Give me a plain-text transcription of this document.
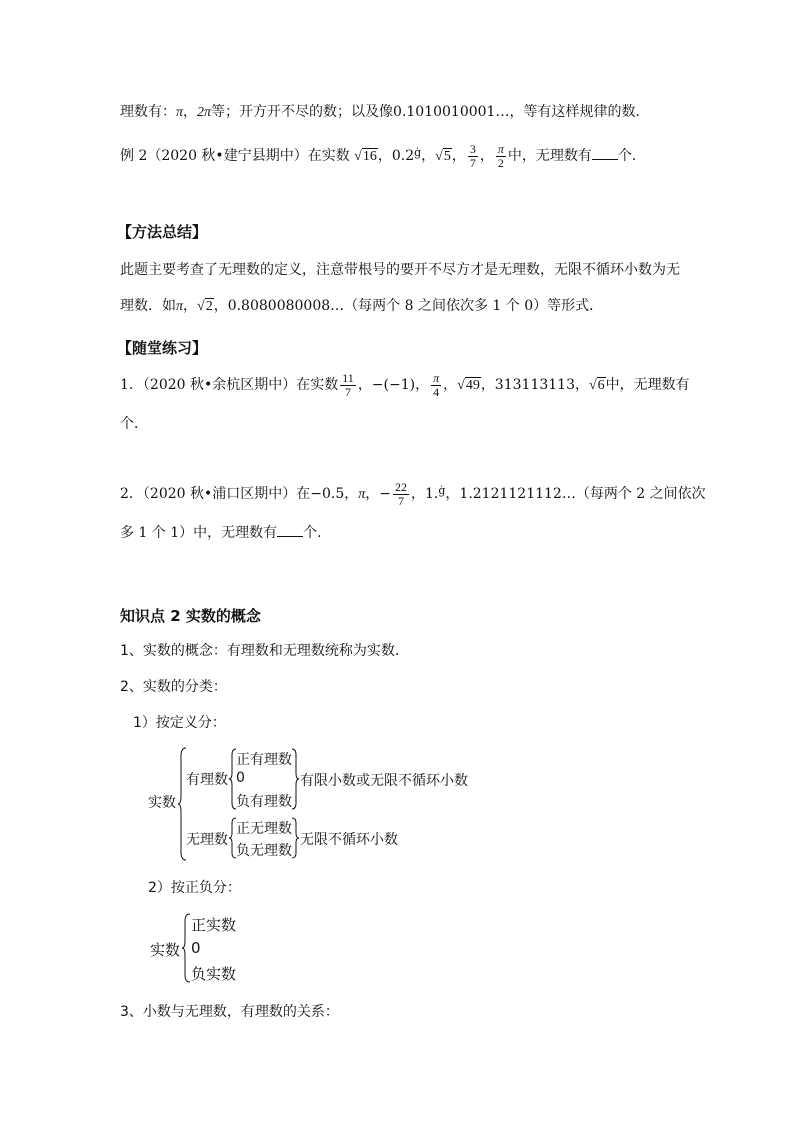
理数有：π，2π等；开方开不尽的数；以及像0.1010010001…，等有这样规律的数．
例 2（2020 秋•建宁县期中）在实数 √16，$0.2^ġ$，√5， $\frac{3}{7}$ ， $\frac{\pi}{2}$ 中，无理数有 个．
【方法总结】
此题主要考查了无理数的定义，注意带根号的要开不尽方才是无理数，无限不循环小数为无
理数．如π，√2，0.8080080008…（每两个 8 之间依次多 1 个 0）等形式．
【随堂练习】
1．（2020 秋•余杭区期中）在实数 $\frac{11}{7}$ ，−(−1)， $\frac{\pi}{4}$ ，√49，313113113，√6中，无理数有
个．
2．（2020 秋•浦口区期中）在−0.5，π，− $\frac{22}{7}$ ，1.$^ġ$，1.2121121112…（每两个 2 之间依次
多 1 个 1）中，无理数有 个．
知识点 2 实数的概念
1、实数的概念：有理数和无理数统称为实数．
2、实数的分类：
1）按定义分：
实数
有理数
正有理数
0
负有理数
有限小数或无限不循环小数
无理数
正无理数
负无理数
无限不循环小数
2）按正负分：
实数
正实数
0
负实数
3、小数与无理数，有理数的关系：
